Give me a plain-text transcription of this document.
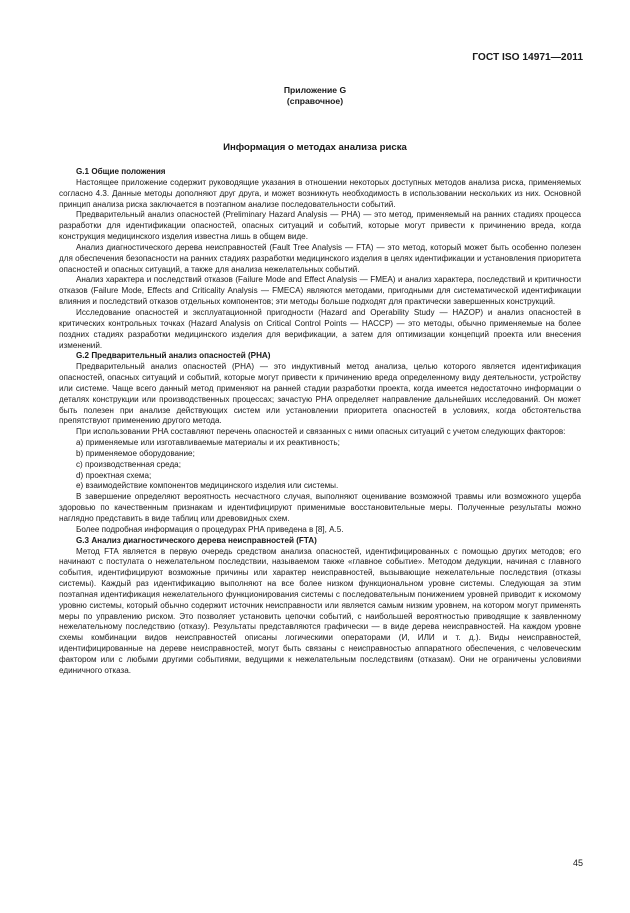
ГОСТ ISO 14971—2011
Приложение G
(справочное)
Информация о методах анализа риска

G.1 Общие положения

Настоящее приложение содержит руководящие указания в отношении некоторых доступных методов анализа риска, применяемых согласно 4.3. Данные методы дополняют друг друга, и может возникнуть необходимость в использовании нескольких из них. Основной принцип анализа риска заключается в поэтапном анализе последовательности событий.

Предварительный анализ опасностей (Preliminary Hazard Analysis — PHA) — это метод, применяемый на ранних стадиях процесса разработки для идентификации опасностей, опасных ситуаций и событий, которые могут привести к причинению вреда, когда конструкция медицинского изделия известна лишь в общем виде.

Анализ диагностического дерева неисправностей (Fault Tree Analysis — FTA) — это метод, который может быть особенно полезен для обеспечения безопасности на ранних стадиях разработки медицинского изделия в целях идентификации и установления приоритета опасностей и опасных ситуаций, а также для анализа нежелательных событий.

Анализ характера и последствий отказов (Failure Mode and Effect Analysis — FMEA) и анализ характера, последствий и критичности отказов (Failure Mode, Effects and Criticality Analysis — FMECA) являются методами, пригодными для систематической идентификации влияния и последствий отказов отдельных компонентов; эти методы больше подходят для практически завершенных конструкций.

Исследование опасностей и эксплуатационной пригодности (Hazard and Operability Study — HAZOP) и анализ опасностей в критических контрольных точках (Hazard Analysis on Critical Control Points — HACCP) — это методы, обычно применяемые на более поздних стадиях разработки медицинского изделия для верификации, а затем для оптимизации концепций проекта или внесения изменений.

G.2 Предварительный анализ опасностей (PHA)

Предварительный анализ опасностей (PHA) — это индуктивный метод анализа, целью которого является идентификация опасностей, опасных ситуаций и событий, которые могут привести к причинению вреда определенному виду деятельности, устройству или системе. Чаще всего данный метод применяют на ранней стадии разработки проекта, когда имеется недостаточно информации о деталях конструкции или производственных процессах; зачастую PHA определяет направление дальнейших исследований. Он может быть полезен при анализе действующих систем или установлении приоритета опасностей в условиях, когда обстоятельства препятствуют применению другого метода.

При использовании PHA составляют перечень опасностей и связанных с ними опасных ситуаций с учетом следующих факторов:

a) применяемые или изготавливаемые материалы и их реактивность;

b) применяемое оборудование;

c) производственная среда;

d) проектная схема;

e) взаимодействие компонентов медицинского изделия или системы.

В завершение определяют вероятность несчастного случая, выполняют оценивание возможной травмы или возможного ущерба здоровью по качественным признакам и идентифицируют применимые восстановительные меры. Полученные результаты можно наглядно представить в виде таблиц или древовидных схем.

Более подробная информация о процедурах PHA приведена в [8], A.5.

G.3 Анализ диагностического дерева неисправностей (FTA)

Метод FTA является в первую очередь средством анализа опасностей, идентифицированных с помощью других методов; его начинают с постулата о нежелательном последствии, называемом также «главное событие». Методом дедукции, начиная с главного события, идентифицируют возможные причины или характер неисправностей, вызывающие нежелательные последствия (отказы системы). Каждый раз идентификацию выполняют на все более низком функциональном уровне системы. Следующая за этим поэтапная идентификация нежелательного функционирования системы с последовательным понижением уровней приводит к искомому уровню системы, который обычно содержит источник неисправности или является самым низким уровнем, на котором могут применять меры по управлению риском. Это позволяет установить цепочки событий, с наибольшей вероятностью приводящие к заявленному нежелательному последствию (отказу). Результаты представляются графически — в виде дерева неисправностей. На каждом уровне схемы комбинации видов неисправностей описаны логическими операторами (И, ИЛИ и т. д.). Виды неисправностей, идентифицированные на дереве неисправностей, могут быть связаны с неисправностью аппаратного обеспечения, с человеческим фактором или с любыми другими событиями, ведущими к нежелательным последствиям (отказам). Они не ограничены условиями единичного отказа.

45
